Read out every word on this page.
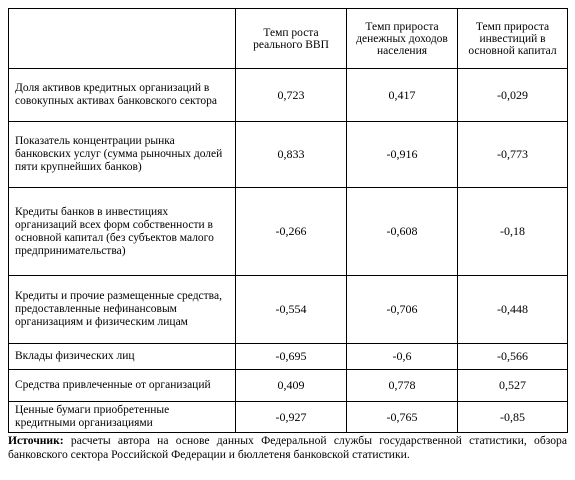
	Темп роста реального ВВП	Темп прироста денежных доходов населения	Темп прироста инвестиций в основной капитал
Доля активов кредитных организаций в совокупных активах банковского сектора	0,723	0,417	-0,029
Показатель концентрации рынка банковских услуг (сумма рыночных долей пяти крупнейших банков)	0,833	-0,916	-0,773
Кредиты банков в инвестициях организаций всех форм собственности в основной капитал (без субъектов малого предпринимательства)	-0,266	-0,608	-0,18
Кредиты и прочие размещенные средства, предоставленные нефинансовым организациям и физическим лицам	-0,554	-0,706	-0,448
Вклады физических лиц	-0,695	-0,6	-0,566
Средства привлеченные от организаций	0,409	0,778	0,527
Ценные бумаги приобретенные кредитными организациями	-0,927	-0,765	-0,85

Источник: расчеты автора на основе данных Федеральной службы государственной статистики, обзора банковского сектора Российской Федерации и бюллетеня банковской статистики.
